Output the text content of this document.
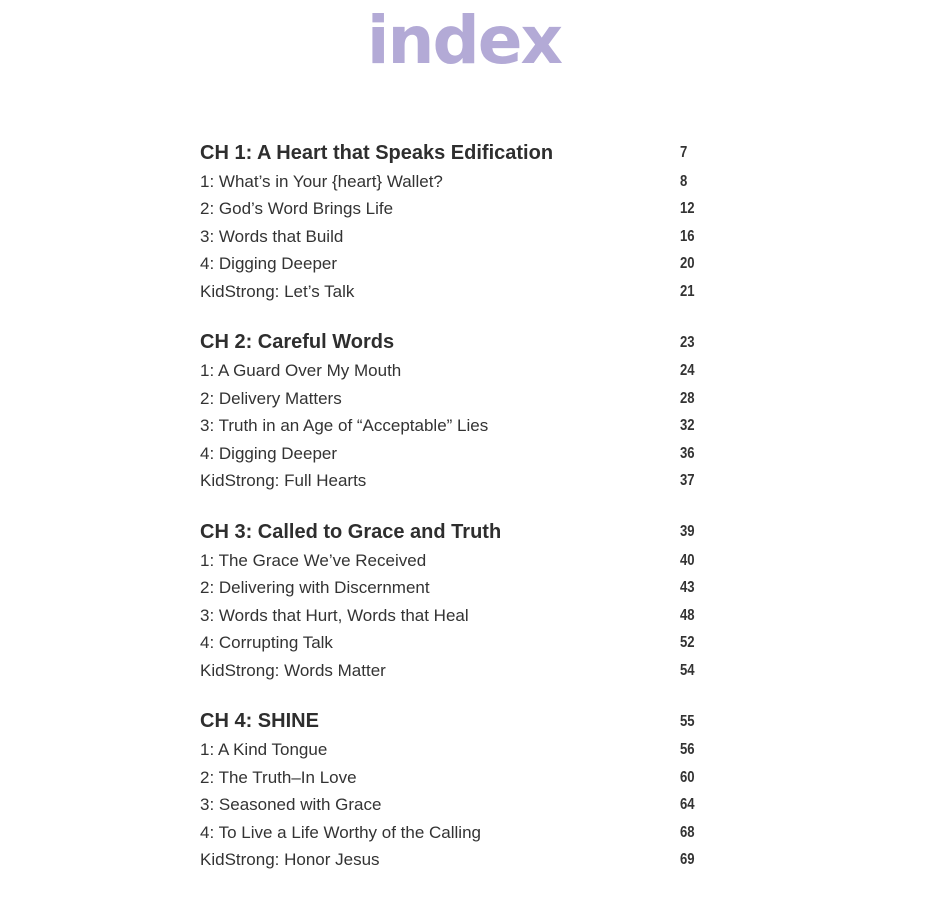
index
CH 1: A Heart that Speaks Edification	7
1: What’s in Your {heart} Wallet?	8
2: God’s Word Brings Life	12
3: Words that Build	16
4: Digging Deeper	20
KidStrong: Let’s Talk	21
CH 2: Careful Words	23
1: A Guard Over My Mouth	24
2: Delivery Matters	28
3: Truth in an Age of “Acceptable” Lies	32
4: Digging Deeper	36
KidStrong: Full Hearts	37
CH 3: Called to Grace and Truth	39
1: The Grace We’ve Received	40
2: Delivering with Discernment	43
3: Words that Hurt, Words that Heal	48
4: Corrupting Talk	52
KidStrong: Words Matter	54
CH 4: SHINE	55
1: A Kind Tongue	56
2: The Truth–In Love	60
3: Seasoned with Grace	64
4: To Live a Life Worthy of the Calling	68
KidStrong: Honor Jesus	69
